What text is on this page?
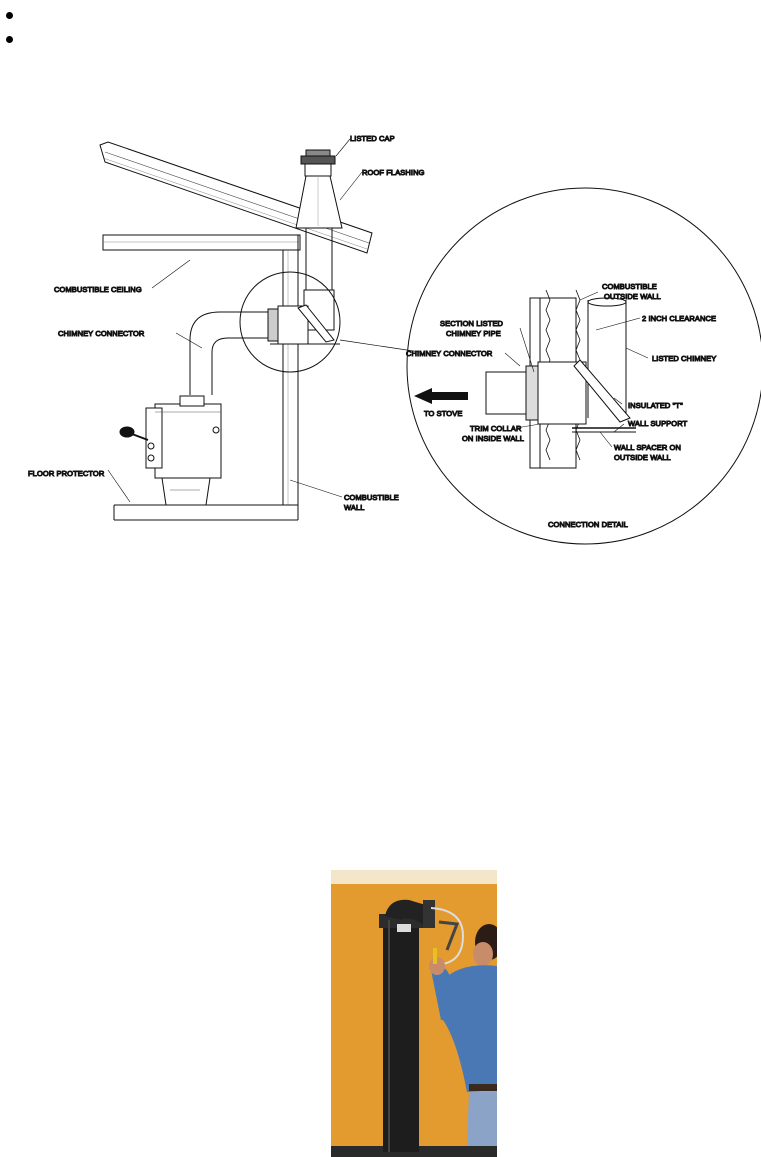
LISTED CAP
ROOF FLASHING
COMBUSTIBLE CEILING
CHIMNEY CONNECTOR
FLOOR PROTECTOR
COMBUSTIBLE
WALL
COMBUSTIBLE
OUTSIDE WALL
2 INCH CLEARANCE
SECTION LISTED
CHIMNEY PIPE
CHIMNEY CONNECTOR
LISTED CHIMNEY
TO STOVE
INSULATED "T"
WALL SUPPORT
TRIM COLLAR
ON INSIDE WALL
WALL SPACER ON
OUTSIDE WALL
CONNECTION DETAIL
